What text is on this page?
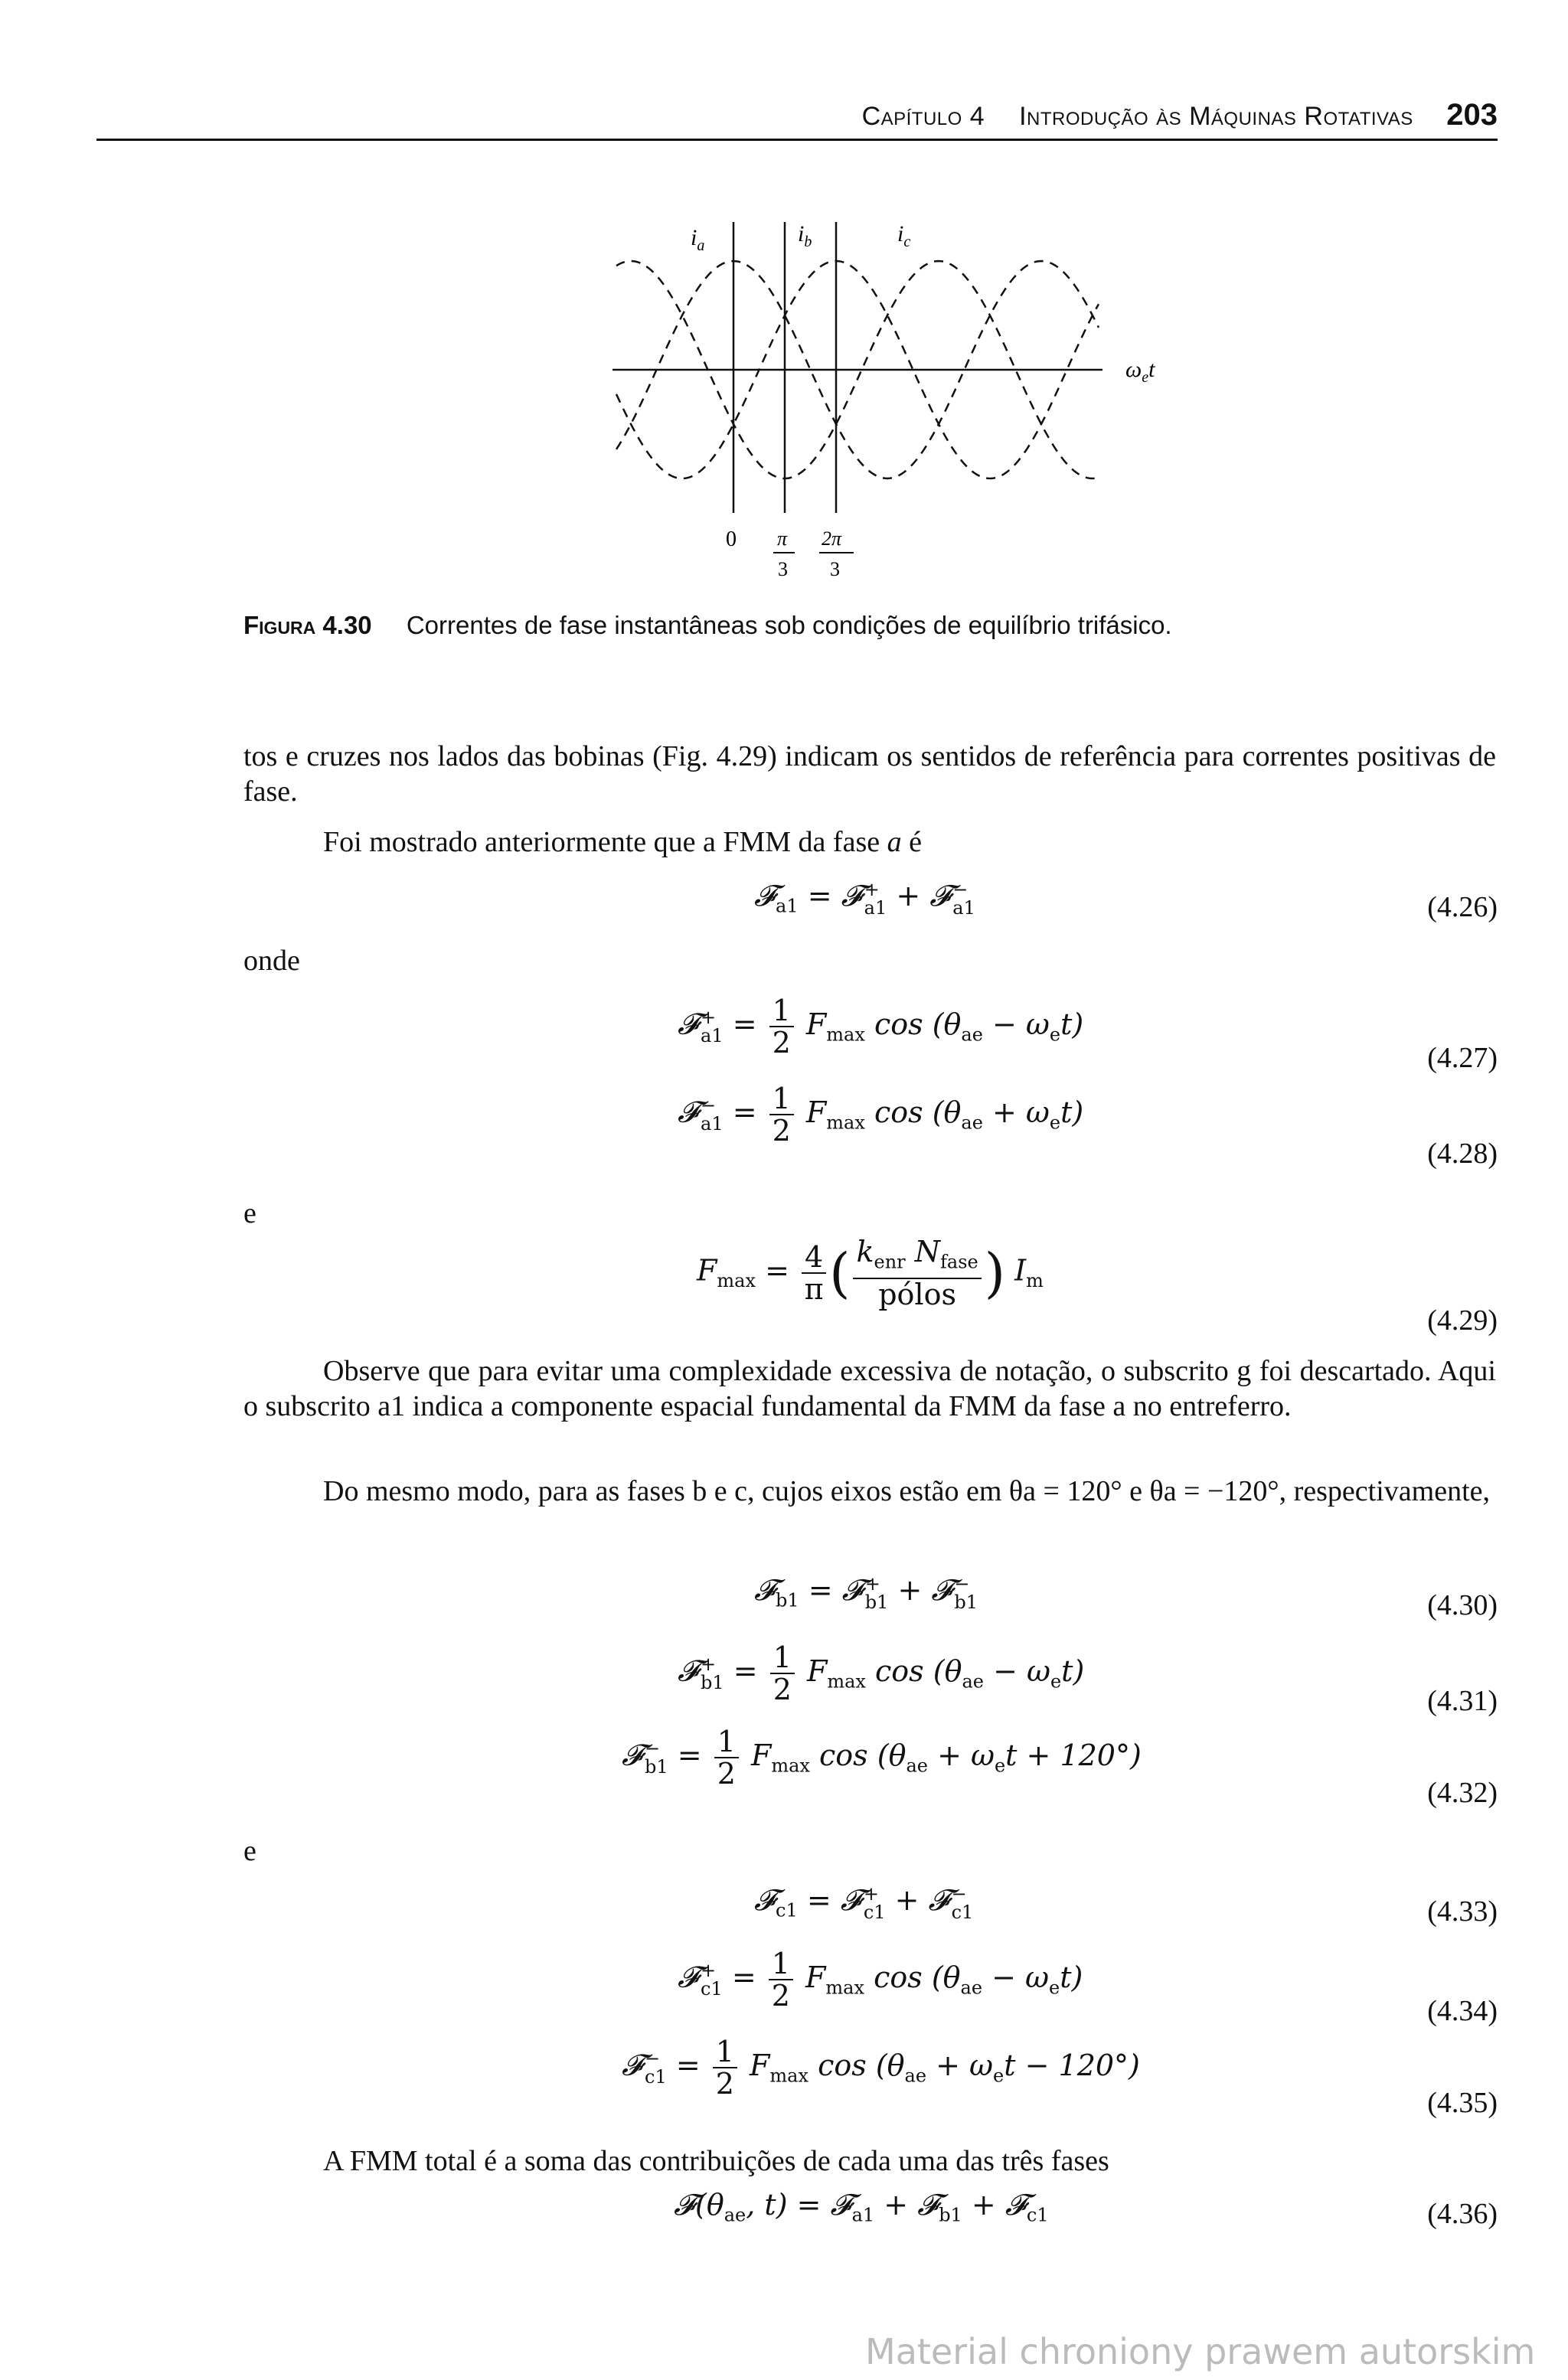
Capítulo 4 Introdução às Máquinas Rotativas 203
$i_a$	$i_b$	$i_c$
$\omega_et$
0 π
3
2π
3
Figura 4.30 Correntes de fase instantâneas sob condições de equilíbrio trifásico.
tos e cruzes nos lados das bobinas (Fig. 4.29) indicam os sentidos de referência para correntes positivas de fase.
Foi mostrado anteriormente que a FMM da fase a é
𝓕$_{a1}$ = 𝓕 +
a1 + 𝓕 −
a1	(4.26)
onde
𝓕 +
$a1 = \frac{1}{2} F_{max}$ $\cos (\theta_{ae} - \omega_et)$
(4.27)
𝓕 −
$a1 = \frac{1}{2} F_{max}$ $\cos (\theta_{ae} + \omega_et)$
(4.28)
e
$F_{max} = \frac{4}{\pi}$ ( $\frac{k_{enr} N_{fase}}{\text{pólos}}$ ) $I_m$
(4.29)
Observe que para evitar uma complexidade excessiva de notação, o subscrito g foi descartado. Aqui o subscrito a1 indica a componente espacial fundamental da FMM da fase a no entreferro.
Do mesmo modo, para as fases b e c, cujos eixos estão em θa = 120° e θa = −120°, respectivamente,
𝓕$_{b1}$ = 𝓕 +
b1 + 𝓕 −
b1	(4.30)
𝓕 +
$b1 = \frac{1}{2} F_{max}$ $\cos (\theta_{ae} - \omega_et)$
(4.31)
𝓕 −
$b1 = \frac{1}{2} F_{max}$ $\cos (\theta_{ae} + \omega_et + 120^\circ)$
(4.32)
e
𝓕$_{c1}$ = 𝓕 +
c1 + 𝓕 −
c1	(4.33)
𝓕 +
$c1 = \frac{1}{2} F_{max}$ $\cos (\theta_{ae} - \omega_et)$
(4.34)
𝓕 −
$c1 = \frac{1}{2} F_{max}$ $\cos (\theta_{ae} + \omega_et - 120^\circ)$
(4.35)
A FMM total é a soma das contribuições de cada uma das três fases
$𝓕(\theta_{ae}$, t) = 𝓕$_{a1}$ + 𝓕$_{b1}$ + 𝓕$_{c1}$	(4.36)
Material chroniony prawem autorskim
